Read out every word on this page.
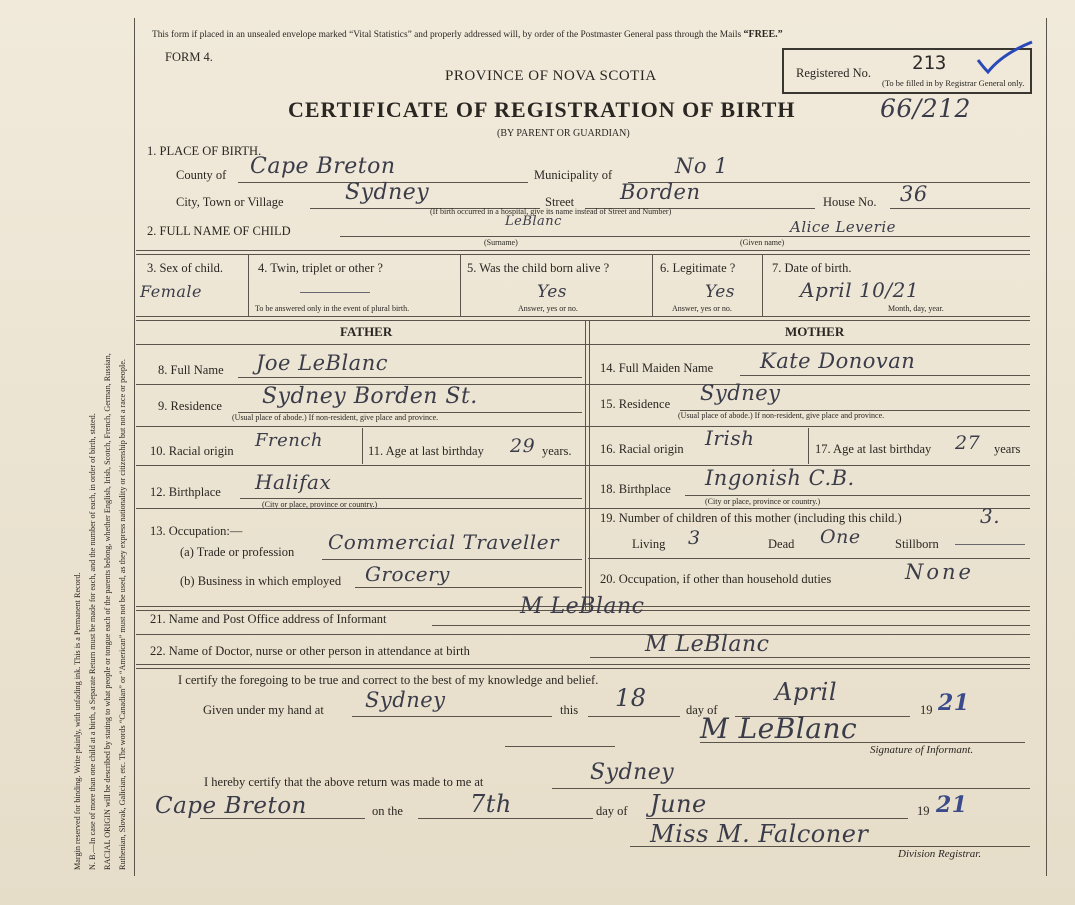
Margin reserved for binding. Write plainly, with unfading ink. This is a Permanent Record. N. B.—In case of more than one child at a birth, a Separate Return must be made for each, and the number of each, in order of birth, stated. RACIAL ORIGIN will be described by stating to what people or tongue each of the parents belong, whether English, Irish, Scotch, French, German, Russian, Ruthenian, Slovak, Galician, etc. The words “Canadian” or “American” must not be used, as they express nationality or citizenship but not a race or people.
This form if placed in an unsealed envelope marked “Vital Statistics” and properly addressed will, by order of the Postmaster General pass through the Mails “FREE.”
FORM 4.
PROVINCE OF NOVA SCOTIA
CERTIFICATE OF REGISTRATION OF BIRTH
(BY PARENT OR GUARDIAN)
Registered No. 213
(To be filled in by Registrar General only.
66/212
1. PLACE OF BIRTH.
County of Cape Breton	Municipality of	No 1
City, Town or Village	Sydney	Street Borden	House No. 36
(If birth occurred in a hospital, give its name instead of Street and Number)
2. FULL NAME OF CHILD
LeBlanc	Alice Leverie
(Surname)	(Given name)
3. Sex of child.
Female
4. Twin, triplet or other ?
To be answered only in the event of plural birth.
5. Was the child born alive ?
Yes
Answer, yes or no.
6. Legitimate ?
Yes
Answer, yes or no.
7. Date of birth.
April 10/21
Month, day, year.
FATHER	MOTHER
8. Full Name Joe LeBlanc	14. Full Maiden Name Kate Donovan
9. Residence Sydney Borden St.
(Usual place of abode.) If non-resident, give place and province.
15. Residence Sydney
(Usual place of abode.) If non-resident, give place and province.
10. Racial origin French	11. Age at last birthday 29 years. 16. Racial origin Irish	17. Age at last birthday 27 years
12. Birthplace Halifax
(City or place, province or country.)
18. Birthplace Ingonish C.B.
(City or place, province or country.)
13. Occupation:—
(a) Trade or profession Commercial Traveller
(b) Business in which employed Grocery
19. Number of children of this mother (including this child.)	3.
Living 3	Dead One	Stillborn
20. Occupation, if other than household duties	None
21. Name and Post Office address of Informant	M LeBlanc
22. Name of Doctor, nurse or other person in attendance at birth	M LeBlanc
I certify the foregoing to be true and correct to the best of my knowledge and belief.
Given under my hand at Sydney	this 18	day of
April
19 21
M LeBlanc
Signature of Informant.
I hereby certify that the above return was made to me at	Sydney
Cape Breton	on the	7th	day of June	19 21
Miss M. Falconer
Division Registrar.
